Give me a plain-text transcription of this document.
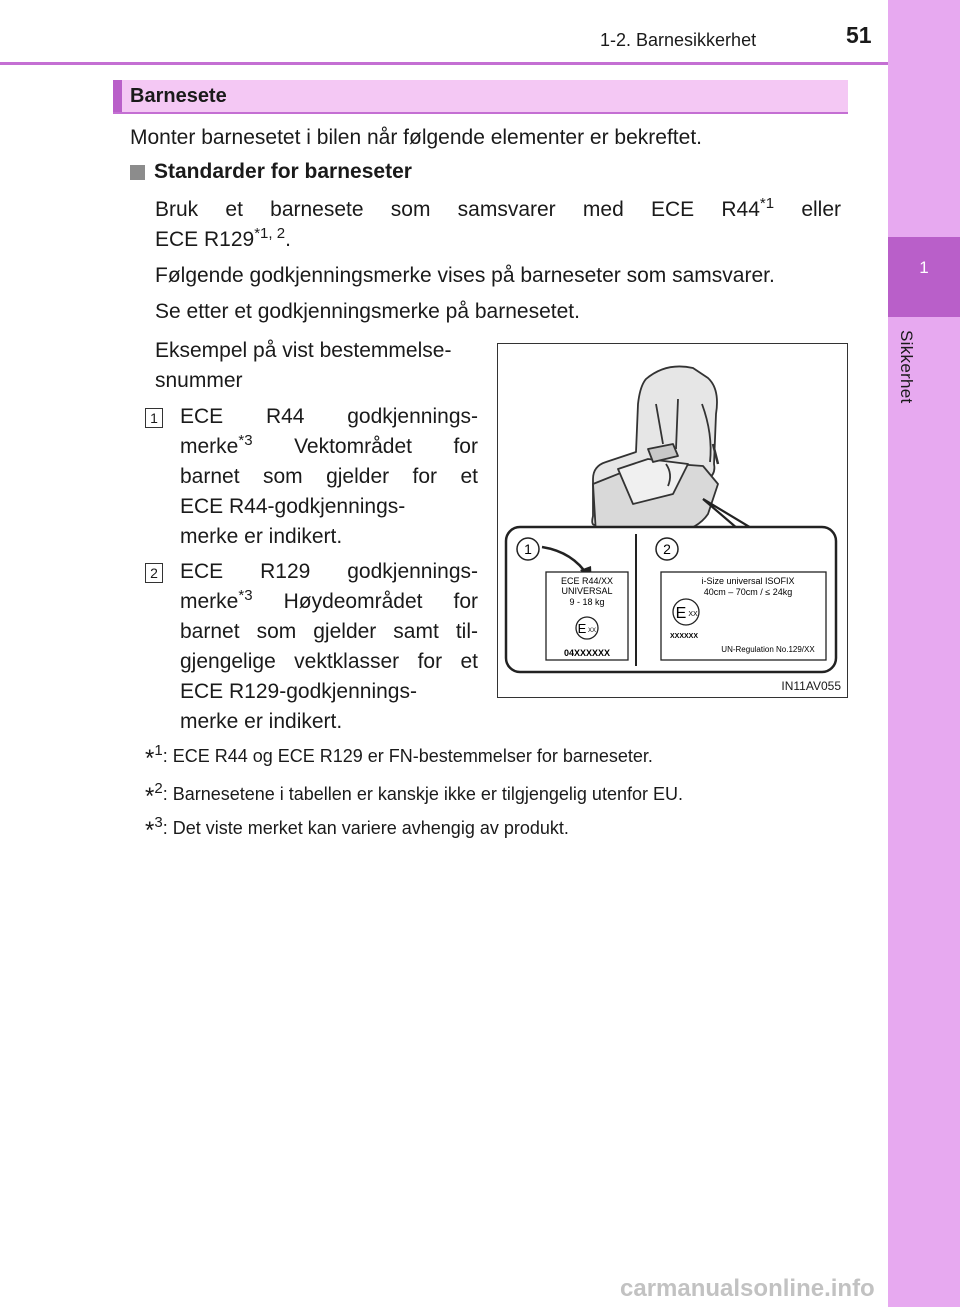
1
Sikkerhet
1-2. Barnesikkerhet	51
Barnesete
Monter barnesetet i bilen når følgende elementer er bekreftet.
Standarder for barneseter
Bruk et barnesete som samsvarer med ECE R44$^{*1}$ eller
ECE R129$^{*1, 2}$.
Følgende godkjenningsmerke vises på barneseter som samsvarer.
Se etter et godkjenningsmerke på barnesetet.
Eksempel på vist bestemmelse-
snummer
1 ECE R44 godkjennings-
merke$^{*3}$ Vektområdet for
barnet som gjelder for et
ECE R44-godkjennings-
merke er indikert.
2 ECE R129 godkjennings-
merke$^{*3}$ Høydeområdet for
barnet som gjelder samt til-
gjengelige vektklasser for et
ECE R129-godkjennings-
merke er indikert.
1	2
ECE R44/XX
UNIVERSAL
9 - 18 kg
E XX
04XXXXXX
i-Size universal ISOFIX
40cm – 70cm / ≤ 24kg
E XX
XXXXXX
UN-Regulation No.129/XX
IN11AV055
*$^1$: ECE R44 og ECE R129 er FN-bestemmelser for barneseter.
*$^2$: Barnesetene i tabellen er kanskje ikke er tilgjengelig utenfor EU.
*$^3$: Det viste merket kan variere avhengig av produkt.
carmanualsonline.info
